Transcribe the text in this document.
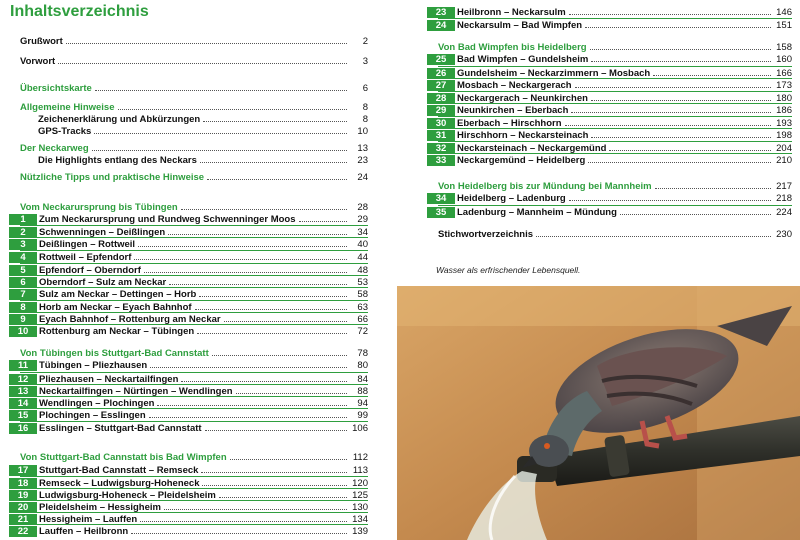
Inhaltsverzeichnis
Grußwort	2
Vorwort	3
Übersichtskarte	6
Allgemeine Hinweise	8
Zeichenerklärung und Abkürzungen	8
GPS-Tracks	10
Der Neckarweg	13
Die Highlights entlang des Neckars	23
Nützliche Tipps und praktische Hinweise	24
Vom Neckarursprung bis Tübingen	28
1	Zum Neckarursprung und Rundweg Schwenninger Moos	29
2	Schwenningen – Deißlingen	34
3	Deißlingen – Rottweil	40
4	Rottweil – Epfendorf	44
5	Epfendorf – Oberndorf	48
6	Oberndorf – Sulz am Neckar	53
7	Sulz am Neckar – Dettingen – Horb	58
8	Horb am Neckar – Eyach Bahnhof	63
9	Eyach Bahnhof – Rottenburg am Neckar	66
10	Rottenburg am Neckar – Tübingen	72
Von Tübingen bis Stuttgart-Bad Cannstatt	78
11	Tübingen – Pliezhausen	80
12	Pliezhausen – Neckartailfingen	84
13	Neckartailfingen – Nürtingen – Wendlingen	88
14	Wendlingen – Plochingen	94
15	Plochingen – Esslingen	99
16	Esslingen – Stuttgart-Bad Cannstatt	106
Von Stuttgart-Bad Cannstatt bis Bad Wimpfen	112
17	Stuttgart-Bad Cannstatt – Remseck	113
18	Remseck – Ludwigsburg-Hoheneck	120
19	Ludwigsburg-Hoheneck – Pleidelsheim	125
20	Pleidelsheim – Hessigheim	130
21	Hessigheim – Lauffen	134
22	Lauffen – Heilbronn	139
23	Heilbronn – Neckarsulm	146
24	Neckarsulm – Bad Wimpfen	151
Von Bad Wimpfen bis Heidelberg	158
25	Bad Wimpfen – Gundelsheim	160
26	Gundelsheim – Neckarzimmern – Mosbach	166
27	Mosbach – Neckargerach	173
28	Neckargerach – Neunkirchen	180
29	Neunkirchen – Eberbach	186
30	Eberbach – Hirschhorn	193
31	Hirschhorn – Neckarsteinach	198
32	Neckarsteinach – Neckargemünd	204
33	Neckargemünd – Heidelberg	210
Von Heidelberg bis zur Mündung bei Mannheim	217
34	Heidelberg – Ladenburg	218
35	Ladenburg – Mannheim – Mündung	224
Stichwortverzeichnis	230
Wasser als erfrischender Lebensquell.
